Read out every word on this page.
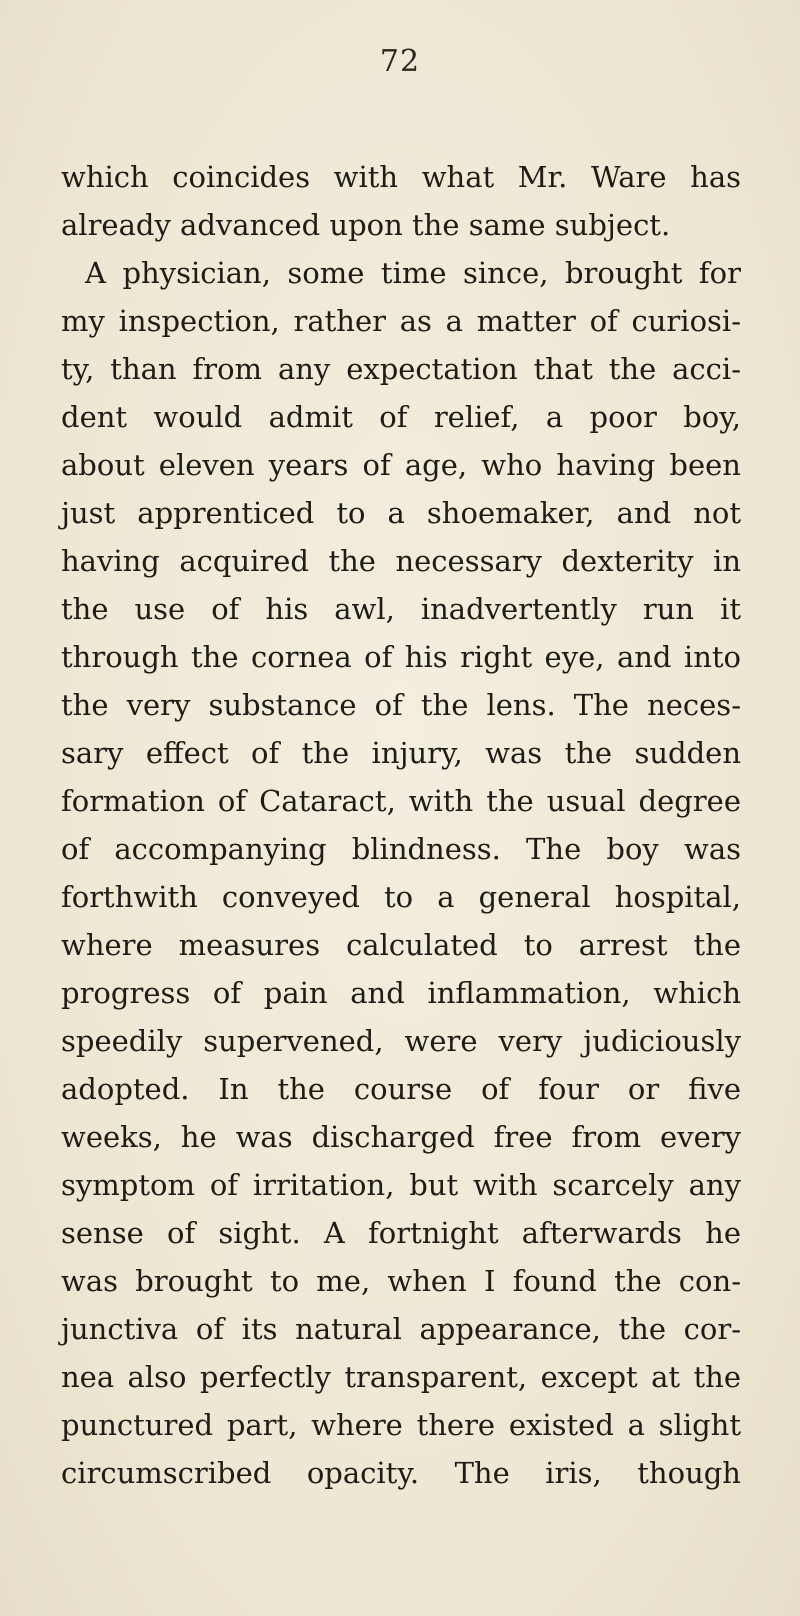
72
which coincides with what Mr. Ware has
already advanced upon the same subject.
A physician, some time since, brought for
my inspection, rather as a matter of curiosi-
ty, than from any expectation that the acci-
dent would admit of relief, a poor boy,
about eleven years of age, who having been
just apprenticed to a shoemaker, and not
having acquired the necessary dexterity in
the use of his awl, inadvertently run it
through the cornea of his right eye, and into
the very substance of the lens. The neces-
sary effect of the injury, was the sudden
formation of Cataract, with the usual degree
of accompanying blindness. The boy was
forthwith conveyed to a general hospital,
where measures calculated to arrest the
progress of pain and inflammation, which
speedily supervened, were very judiciously
adopted. In the course of four or five
weeks, he was discharged free from every
symptom of irritation, but with scarcely any
sense of sight. A fortnight afterwards he
was brought to me, when I found the con-
junctiva of its natural appearance, the cor-
nea also perfectly transparent, except at the
punctured part, where there existed a slight
circumscribed opacity. The iris, though
